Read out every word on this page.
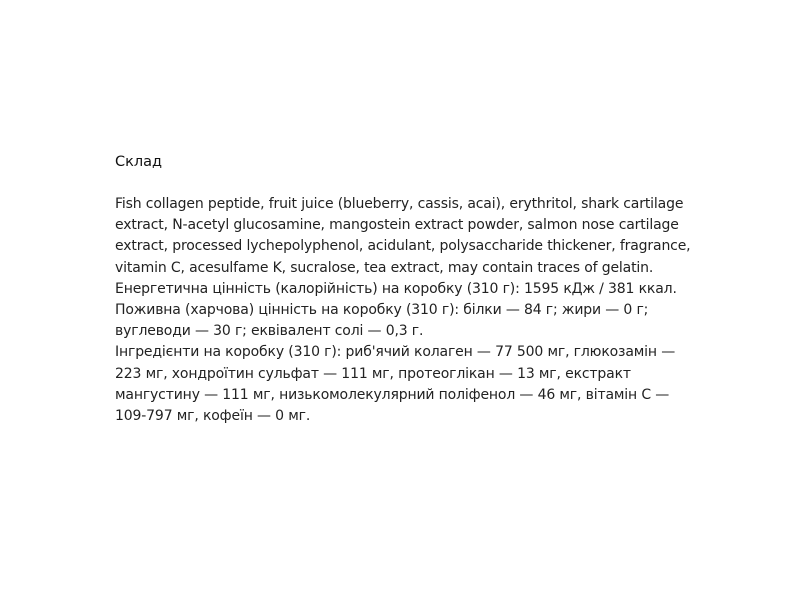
Склад

Fish collagen peptide, fruit juice (blueberry, cassis, acai), erythritol, shark cartilage extract, N-acetyl glucosamine, mangostein extract powder, salmon nose cartilage extract, processed lychepolyphenol, acidulant, polysaccharide thickener, fragrance, vitamin C, acesulfame K, sucralose, tea extract, may contain traces of gelatin.

Енергетична цінність (калорійність) на коробку (310 г): 1595 кДж / 381 ккал.

Поживна (харчова) цінність на коробку (310 г): білки — 84 г; жири — 0 г; вуглеводи — 30 г; еквівалент солі — 0,3 г.

Інгредієнти на коробку (310 г): риб'ячий колаген — 77 500 мг, глюкозамін — 223 мг, хондроїтин сульфат — 111 мг, протеоглікан — 13 мг, екстракт мангустину — 111 мг, низькомолекулярний поліфенол — 46 мг, вітамін С — 109-797 мг, кофеїн — 0 мг.
